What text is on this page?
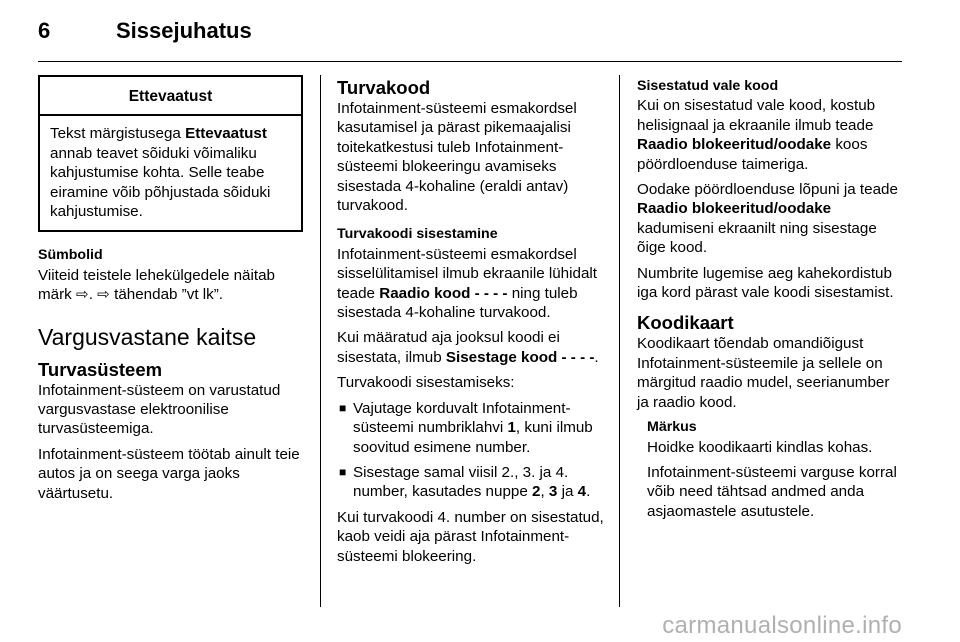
6	Sissejuhatus
Ettevaatust

Tekst märgistusega Ettevaatust annab teavet sõiduki võimaliku kahjustumise kohta. Selle teabe eiramine võib põhjustada sõiduki kahjustumise.

Sümbolid

Viiteid teistele lehekülgedele näitab märk ⇨. ⇨ tähendab ”vt lk”.

Vargusvastane kaitse
Turvasüsteem

Infotainment-süsteem on varustatud vargusvastase elektroonilise turvasüsteemiga.

Infotainment-süsteem töötab ainult teie autos ja on seega varga jaoks väärtusetu.

Turvakood

Infotainment-süsteemi esmakordsel kasutamisel ja pärast pikemaajalisi toitekatkestusi tuleb Infotainment-süsteemi blokeeringu avamiseks sisestada 4-kohaline (eraldi antav) turvakood.

Turvakoodi sisestamine

Infotainment-süsteemi esmakordsel sisselülitamisel ilmub ekraanile lühidalt teade Raadio kood - - - - ning tuleb sisestada 4-kohaline turvakood.

Kui määratud aja jooksul koodi ei sisestata, ilmub Sisestage kood - - - -.

Turvakoodi sisestamiseks:

■ Vajutage korduvalt Infotainment-süsteemi numbriklahvi 1, kuni ilmub soovitud esimene number.
■ Sisestage samal viisil 2., 3. ja 4. number, kasutades nuppe 2, 3 ja 4.

Kui turvakoodi 4. number on sisestatud, kaob veidi aja pärast Infotainment-süsteemi blokeering.

Sisestatud vale kood

Kui on sisestatud vale kood, kostub helisignaal ja ekraanile ilmub teade Raadio blokeeritud/oodake koos pöördloenduse taimeriga.

Oodake pöördloenduse lõpuni ja teade Raadio blokeeritud/oodake kadumiseni ekraanilt ning sisestage õige kood.

Numbrite lugemise aeg kahekordistub iga kord pärast vale koodi sisestamist.

Koodikaart

Koodikaart tõendab omandiõigust Infotainment-süsteemile ja sellele on märgitud raadio mudel, seerianumber ja raadio kood.

Märkus

Hoidke koodikaarti kindlas kohas.

Infotainment-süsteemi varguse korral võib need tähtsad andmed anda asjaomastele asutustele.

carmanualsonline.info
